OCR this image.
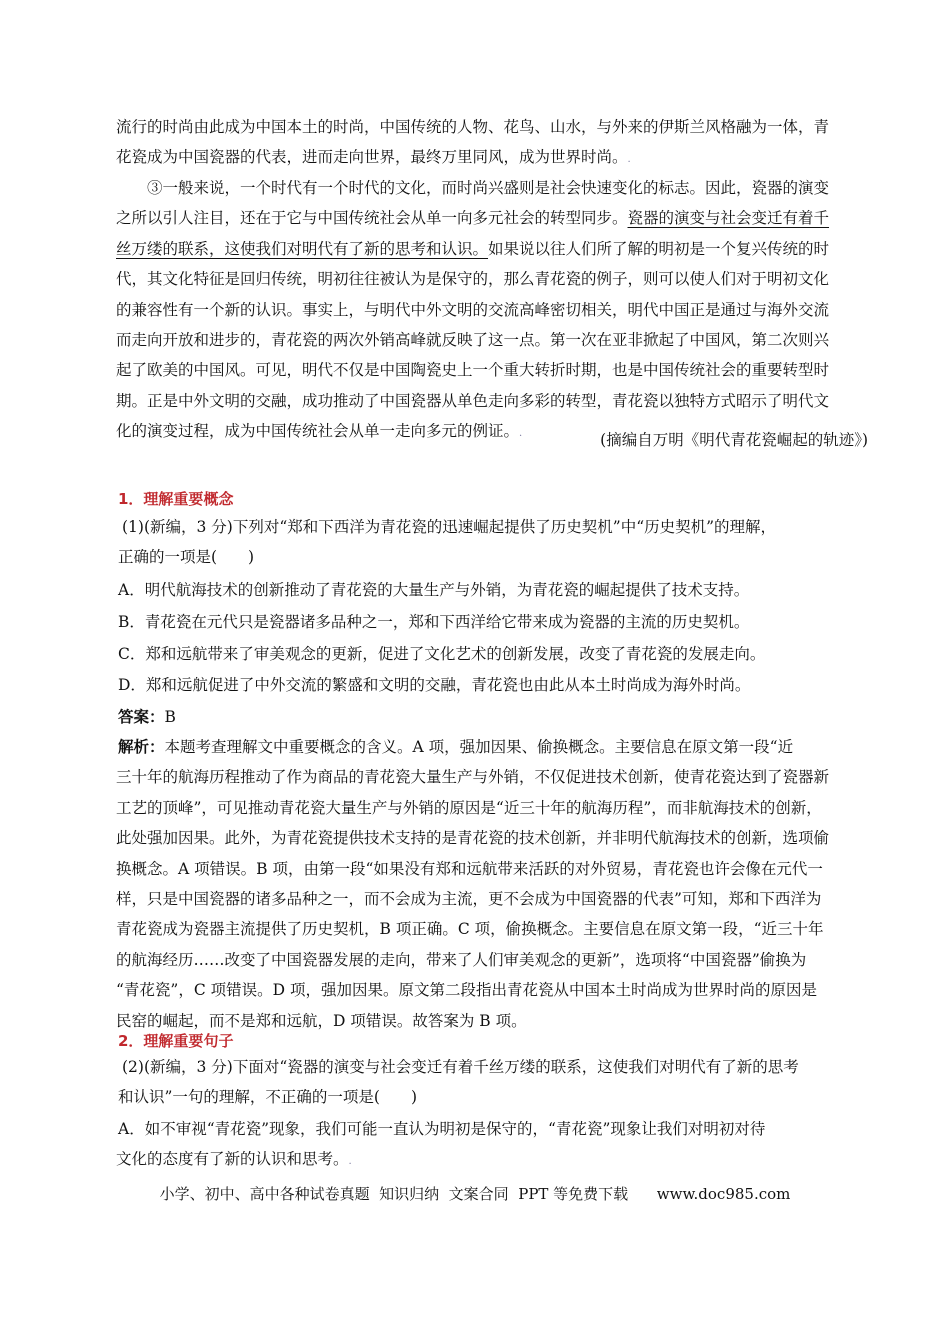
流行的时尚由此成为中国本土的时尚，中国传统的人物、花鸟、山水，与外来的伊斯兰风格融为一体，青
花瓷成为中国瓷器的代表，进而走向世界，最终万里同风，成为世界时尚。.

③一般来说，一个时代有一个时代的文化，而时尚兴盛则是社会快速变化的标志。因此，瓷器的演变
之所以引人注目，还在于它与中国传统社会从单一向多元社会的转型同步。瓷器的演变与社会变迁有着千
丝万缕的联系，这使我们对明代有了新的思考和认识。如果说以往人们所了解的明初是一个复兴传统的时
代，其文化特征是回归传统，明初往往被认为是保守的，那么青花瓷的例子，则可以使人们对于明初文化
的兼容性有一个新的认识。事实上，与明代中外文明的交流高峰密切相关，明代中国正是通过与海外交流
而走向开放和进步的，青花瓷的两次外销高峰就反映了这一点。第一次在亚非掀起了中国风，第二次则兴
起了欧美的中国风。可见，明代不仅是中国陶瓷史上一个重大转折时期，也是中国传统社会的重要转型时
期。正是中外文明的交融，成功推动了中国瓷器从单色走向多彩的转型，青花瓷以独特方式昭示了明代文
化的演变过程，成为中国传统社会从单一走向多元的例证。.	(摘编自万明《明代青花瓷崛起的轨迹》)
1．理解重要概念

(1)(新编，3 分)下列对“郑和下西洋为青花瓷的迅速崛起提供了历史契机”中“历史契机”的理解，
正确的一项是(　　)

A．明代航海技术的创新推动了青花瓷的大量生产与外销，为青花瓷的崛起提供了技术支持。
B．青花瓷在元代只是瓷器诸多品种之一，郑和下西洋给它带来成为瓷器的主流的历史契机。
C．郑和远航带来了审美观念的更新，促进了文化艺术的创新发展，改变了青花瓷的发展走向。
D．郑和远航促进了中外交流的繁盛和文明的交融，青花瓷也由此从本土时尚成为海外时尚。
答案：B

解析：本题考查理解文中重要概念的含义。A 项，强加因果、偷换概念。主要信息在原文第一段“近
三十年的航海历程推动了作为商品的青花瓷大量生产与外销，不仅促进技术创新，使青花瓷达到了瓷器新
工艺的顶峰”，可见推动青花瓷大量生产与外销的原因是“近三十年的航海历程”，而非航海技术的创新，
此处强加因果。此外，为青花瓷提供技术支持的是青花瓷的技术创新，并非明代航海技术的创新，选项偷
换概念。A 项错误。B 项，由第一段“如果没有郑和远航带来活跃的对外贸易，青花瓷也许会像在元代一
样，只是中国瓷器的诸多品种之一，而不会成为主流，更不会成为中国瓷器的代表”可知，郑和下西洋为
青花瓷成为瓷器主流提供了历史契机，B 项正确。C 项，偷换概念。主要信息在原文第一段，“近三十年
的航海经历……改变了中国瓷器发展的走向，带来了人们审美观念的更新”，选项将“中国瓷器”偷换为
“青花瓷”，C 项错误。D 项，强加因果。原文第二段指出青花瓷从中国本土时尚成为世界时尚的原因是
民窑的崛起，而不是郑和远航，D 项错误。故答案为 B 项。

2．理解重要句子

(2)(新编，3 分)下面对“瓷器的演变与社会变迁有着千丝万缕的联系，这使我们对明代有了新的思考
和认识”一句的理解，不正确的一项是(　　)

A．如不审视“青花瓷”现象，我们可能一直认为明初是保守的，“青花瓷”现象让我们对明初对待
文化的态度有了新的认识和思考。.

小学、初中、高中各种试卷真题  知识归纳  文案合同  PPT 等免费下载      www.doc985.com
